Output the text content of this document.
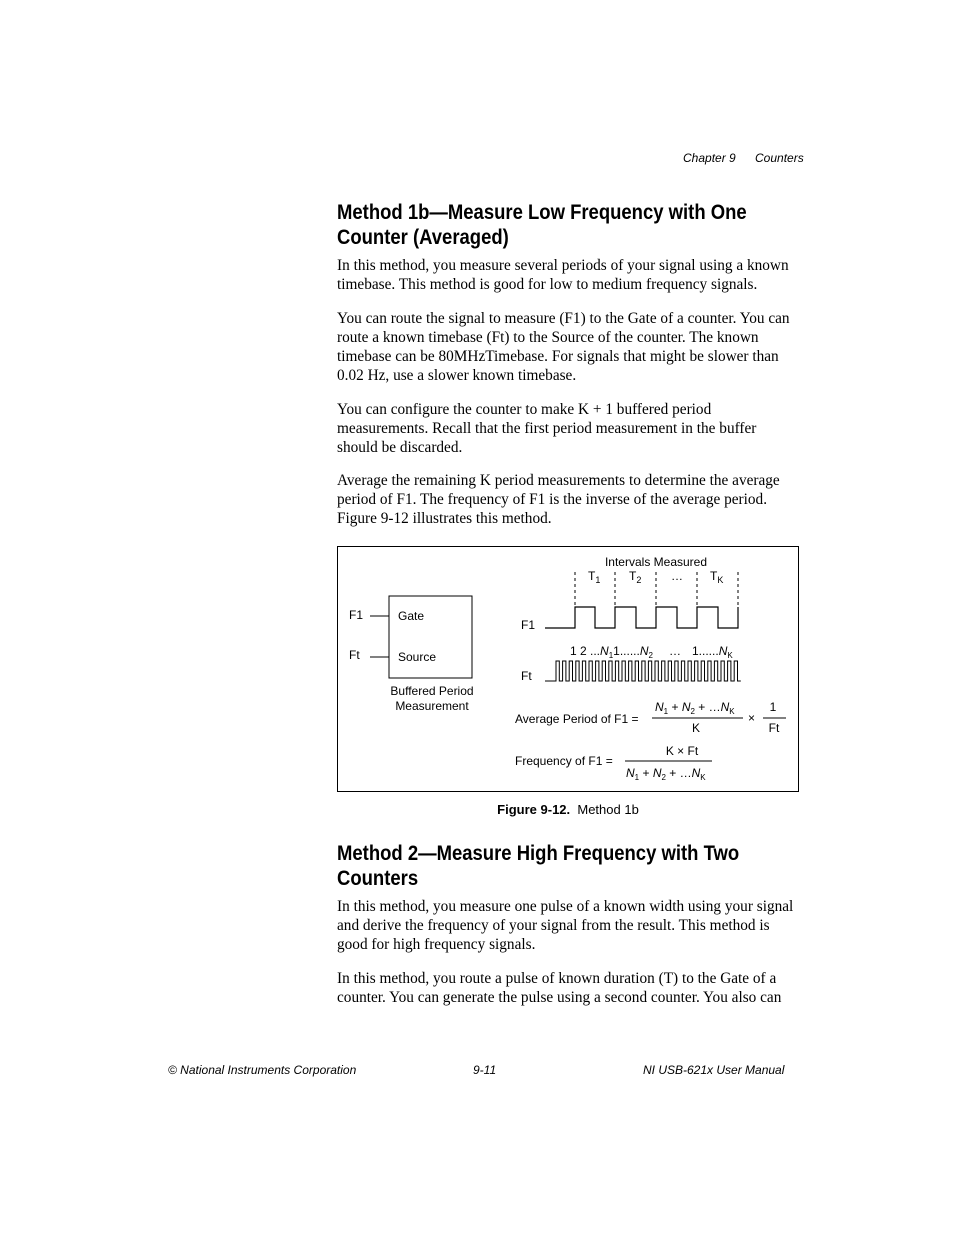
Chapter 9 Counters
Method 1b—Measure Low Frequency with One
Counter (Averaged)

In this method, you measure several periods of your signal using a known timebase. This method is good for low to medium frequency signals.

You can route the signal to measure (F1) to the Gate of a counter. You can route a known timebase (Ft) to the Source of the counter. The known timebase can be 80MHzTimebase. For signals that might be slower than 0.02 Hz, use a slower known timebase.

You can configure the counter to make K + 1 buffered period measurements. Recall that the first period measurement in the buffer should be discarded.

Average the remaining K period measurements to determine the average period of F1. The frequency of F1 is the inverse of the average period. Figure 9-12 illustrates this method.

F1
Ft
Gate
Source
Buffered Period
Measurement
Intervals Measured
$T_1$ $T_2$ … $T_K$
F1
1 2 $...N_11......N_2$ … $1......N_K$
Ft
Average Period of F1 =
$N_1 + N_2$ + $\dots N_K$
K
×
1
Ft
Frequency of F1 =
K × Ft
$N_1 + N_2$ + $\dots N_K$
Figure 9-12. Method 1b
Method 2—Measure High Frequency with Two
Counters

In this method, you measure one pulse of a known width using your signal and derive the frequency of your signal from the result. This method is good for high frequency signals.

In this method, you route a pulse of known duration (T) to the Gate of a counter. You can generate the pulse using a second counter. You also can

© National Instruments Corporation	9-11	NI USB-621x User Manual
